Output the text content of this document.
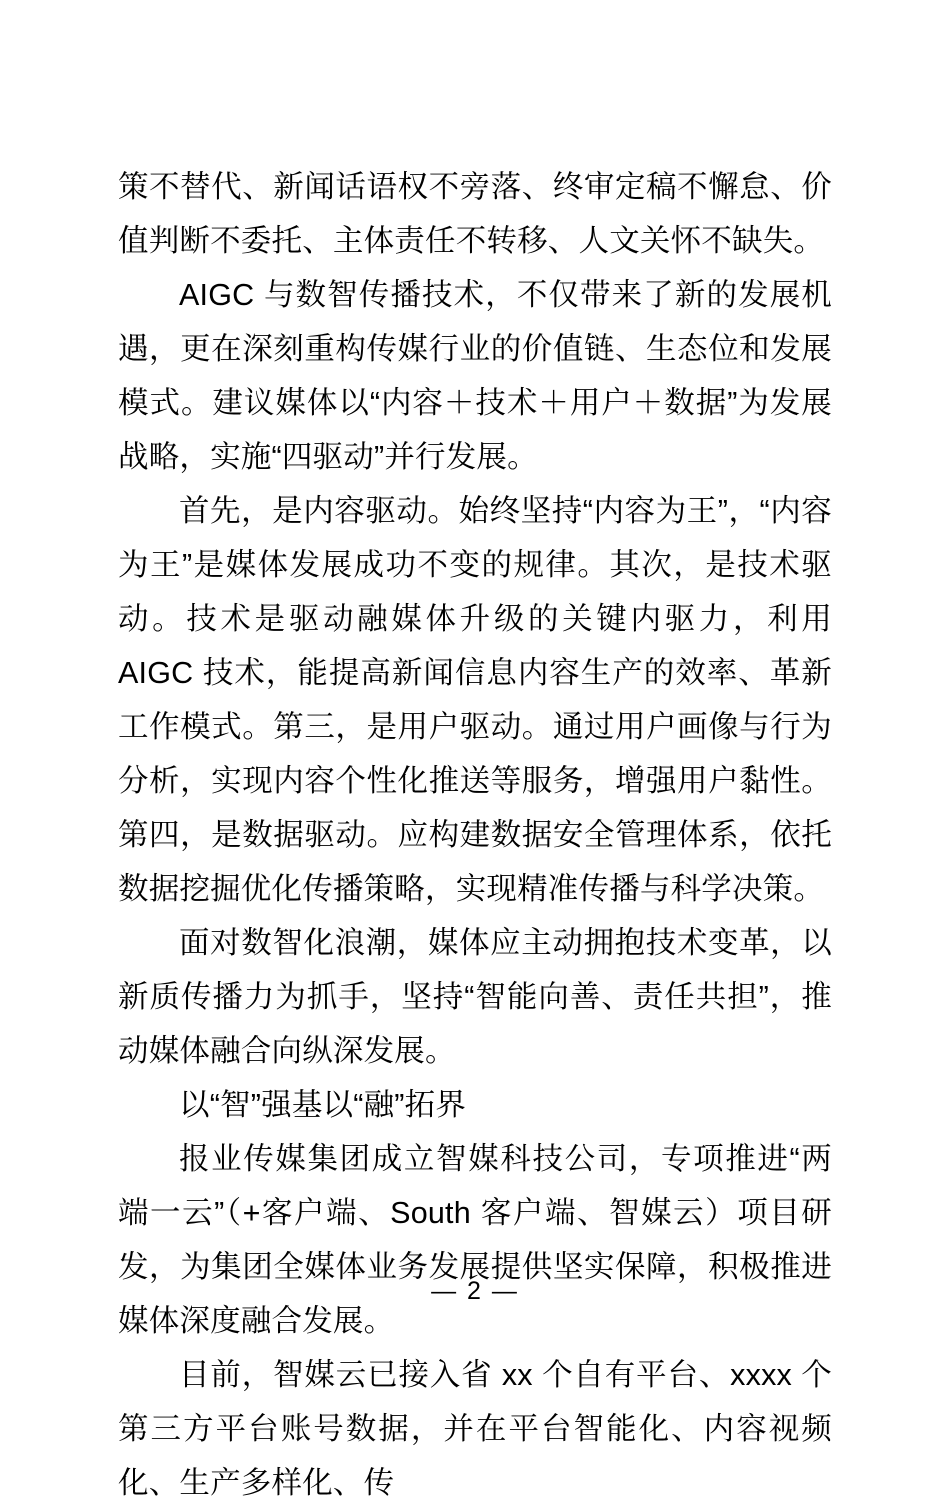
策不替代、新闻话语权不旁落、终审定稿不懈怠、价值判断不委托、主体责任不转移、人文关怀不缺失。

AIGC 与数智传播技术，不仅带来了新的发展机遇，更在深刻重构传媒行业的价值链、生态位和发展模式。建议媒体以“内容＋技术＋用户＋数据”为发展战略，实施“四驱动”并行发展。

首先，是内容驱动。始终坚持“内容为王”，“内容为王”是媒体发展成功不变的规律。其次，是技术驱动。技术是驱动融媒体升级的关键内驱力，利用 AIGC 技术，能提高新闻信息内容生产的效率、革新工作模式。第三，是用户驱动。通过用户画像与行为分析，实现内容个性化推送等服务，增强用户黏性。第四，是数据驱动。应构建数据安全管理体系，依托数据挖掘优化传播策略，实现精准传播与科学决策。

面对数智化浪潮，媒体应主动拥抱技术变革，以新质传播力为抓手，坚持“智能向善、责任共担”，推动媒体融合向纵深发展。

以“智”强基以“融”拓界

报业传媒集团成立智媒科技公司，专项推进“两端一云”（+客户端、South 客户端、智媒云）项目研发，为集团全媒体业务发展提供坚实保障，积极推进媒体深度融合发展。

目前，智媒云已接入省 xx 个自有平台、xxxx 个第三方平台账号数据，并在平台智能化、内容视频化、生产多样化、传

— 2 —
